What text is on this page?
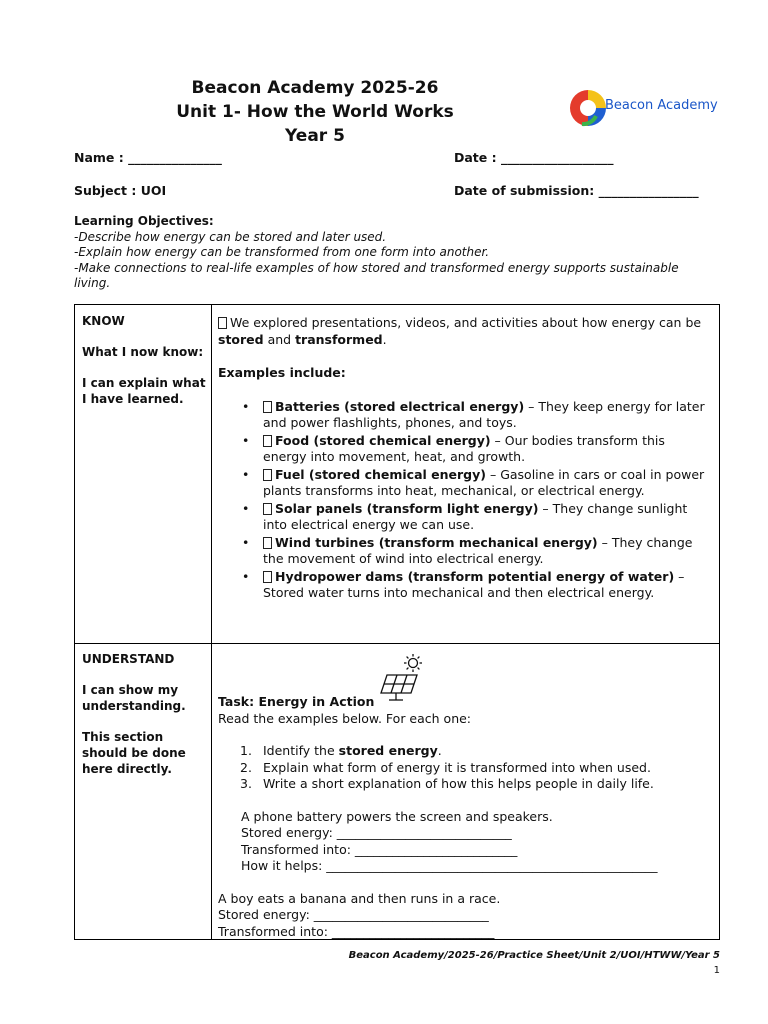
Beacon Academy 2025-26
Unit 1- How the World Works
Year 5
Beacon Academy
Name : _______________	Date : __________________
Subject : UOI	Date of submission: ________________
Learning Objectives:
-Describe how energy can be stored and later used.
-Explain how energy can be transformed from one form into another.
-Make connections to real-life examples of how stored and transformed energy supports sustainable living.

KNOW

What I now know:

I can explain what I have learned.

We explored presentations, videos, and activities about how energy can be stored and transformed.

Examples include:

• Batteries (stored electrical energy) – They keep energy for later and power flashlights, phones, and toys.
• Food (stored chemical energy) – Our bodies transform this energy into movement, heat, and growth.
• Fuel (stored chemical energy) – Gasoline in cars or coal in power plants transforms into heat, mechanical, or electrical energy.
• Solar panels (transform light energy) – They change sunlight into electrical energy we can use.
• Wind turbines (transform mechanical energy) – They change the movement of wind into electrical energy.
• Hydropower dams (transform potential energy of water) – Stored water turns into mechanical and then electrical energy.

UNDERSTAND

I can show my understanding.

This section should be done here directly.

Task: Energy in Action

Read the examples below. For each one:

1. Identify the stored energy.
2. Explain what form of energy it is transformed into when used.
3. Write a short explanation of how this helps people in daily life.

A phone battery powers the screen and speakers.

Stored energy: ____________________________

Transformed into: __________________________

How it helps: _____________________________________________________

A boy eats a banana and then runs in a race.

Stored energy: ____________________________

Transformed into: __________________________

Beacon Academy/2025-26/Practice Sheet/Unit 2/UOI/HTWW/Year 5
1
